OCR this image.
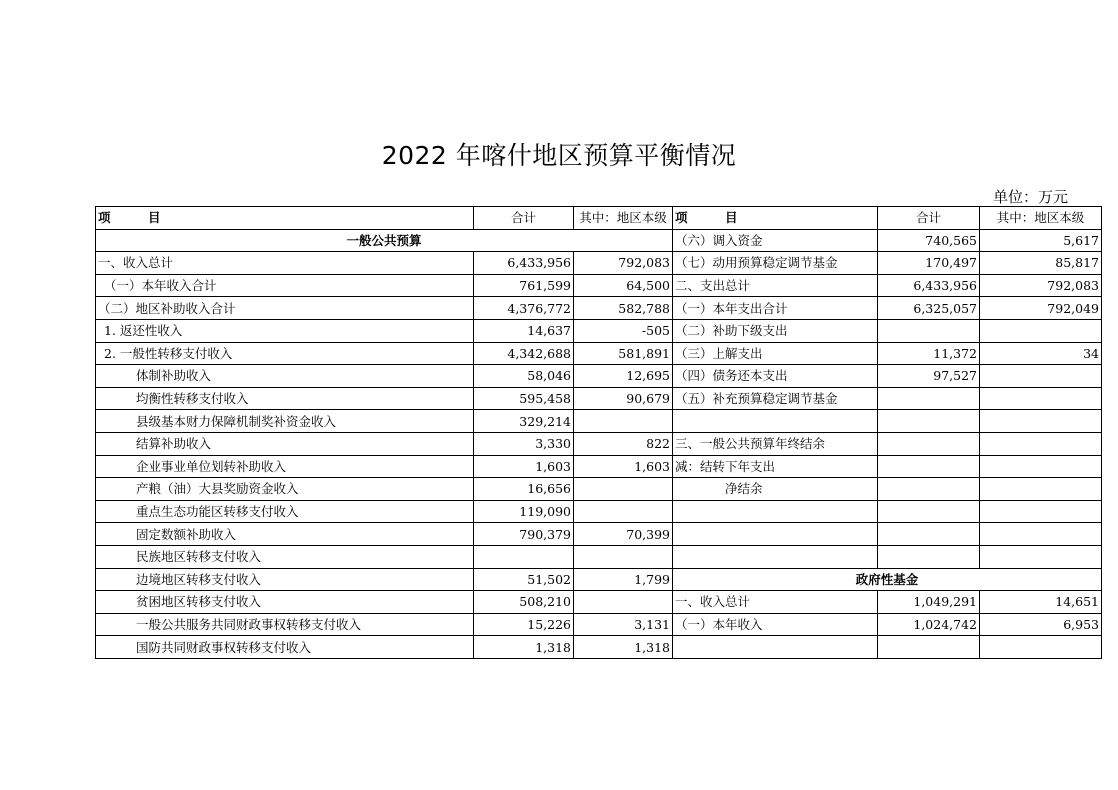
2022 年喀什地区预算平衡情况
单位：万元
项　　　目	合计	其中：地区本级	项　　　目	合计	其中：地区本级
一般公共预算			（六）调入资金	740,565	5,617
一、收入总计	6,433,956	792,083	（七）动用预算稳定调节基金	170,497	85,817
（一）本年收入合计	761,599	64,500	二、支出总计	6,433,956	792,083
（二）地区补助收入合计	4,376,772	582,788	（一）本年支出合计	6,325,057	792,049
1. 返还性收入	14,637	-505	（二）补助下级支出		
2. 一般性转移支付收入	4,342,688	581,891	（三）上解支出	11,372	34
体制补助收入	58,046	12,695	（四）债务还本支出	97,527	
均衡性转移支付收入	595,458	90,679	（五）补充预算稳定调节基金		
县级基本财力保障机制奖补资金收入	329,214				
结算补助收入	3,330	822	三、一般公共预算年终结余		
企业事业单位划转补助收入	1,603	1,603	减：结转下年支出		
产粮（油）大县奖励资金收入	16,656		净结余		
重点生态功能区转移支付收入	119,090				
固定数额补助收入	790,379	70,399			
民族地区转移支付收入					
边境地区转移支付收入	51,502	1,799	政府性基金		
贫困地区转移支付收入	508,210		一、收入总计	1,049,291	14,651
一般公共服务共同财政事权转移支付收入	15,226	3,131	（一）本年收入	1,024,742	6,953
国防共同财政事权转移支付收入	1,318	1,318			
